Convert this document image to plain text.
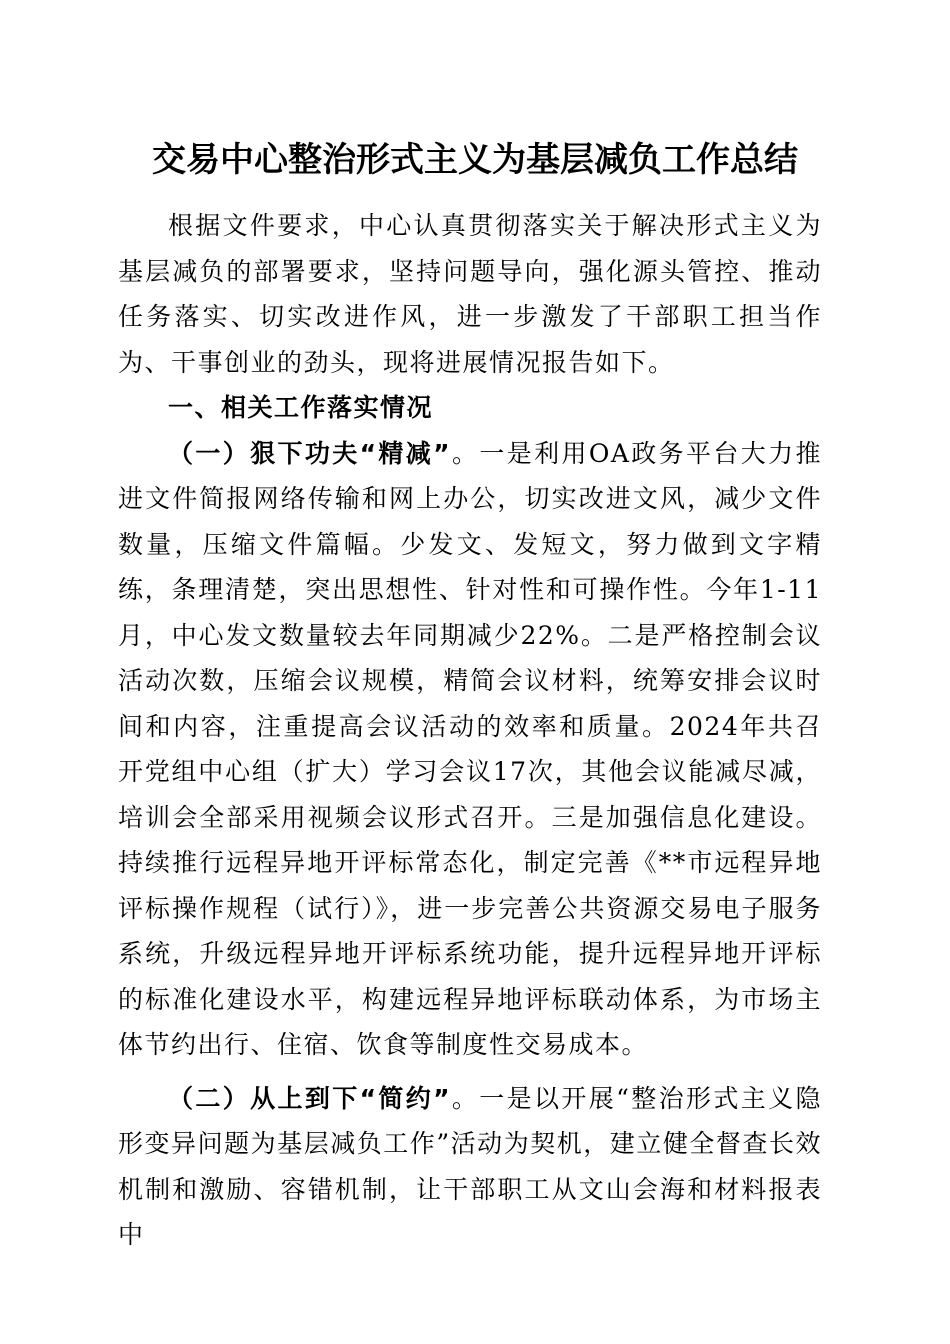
交易中心整治形式主义为基层减负工作总结

根据文件要求，中心认真贯彻落实关于解决形式主义为基层减负的部署要求，坚持问题导向，强化源头管控、推动任务落实、切实改进作风，进一步激发了干部职工担当作为、干事创业的劲头，现将进展情况报告如下。

一、相关工作落实情况

（一）狠下功夫“精减”。一是利用OA政务平台大力推进文件简报网络传输和网上办公，切实改进文风，减少文件数量，压缩文件篇幅。少发文、发短文，努力做到文字精练，条理清楚，突出思想性、针对性和可操作性。今年1-11月，中心发文数量较去年同期减少22%。二是严格控制会议活动次数，压缩会议规模，精简会议材料，统筹安排会议时间和内容，注重提高会议活动的效率和质量。2024年共召开党组中心组（扩大）学习会议17次，其他会议能减尽减，培训会全部采用视频会议形式召开。三是加强信息化建设。持续推行远程异地开评标常态化，制定完善《**市远程异地评标操作规程（试行）》，进一步完善公共资源交易电子服务系统，升级远程异地开评标系统功能，提升远程异地开评标的标准化建设水平，构建远程异地评标联动体系，为市场主体节约出行、住宿、饮食等制度性交易成本。

（二）从上到下“简约”。一是以开展“整治形式主义隐形变异问题为基层减负工作”活动为契机，建立健全督查长效机制和激励、容错机制，让干部职工从文山会海和材料报表中
